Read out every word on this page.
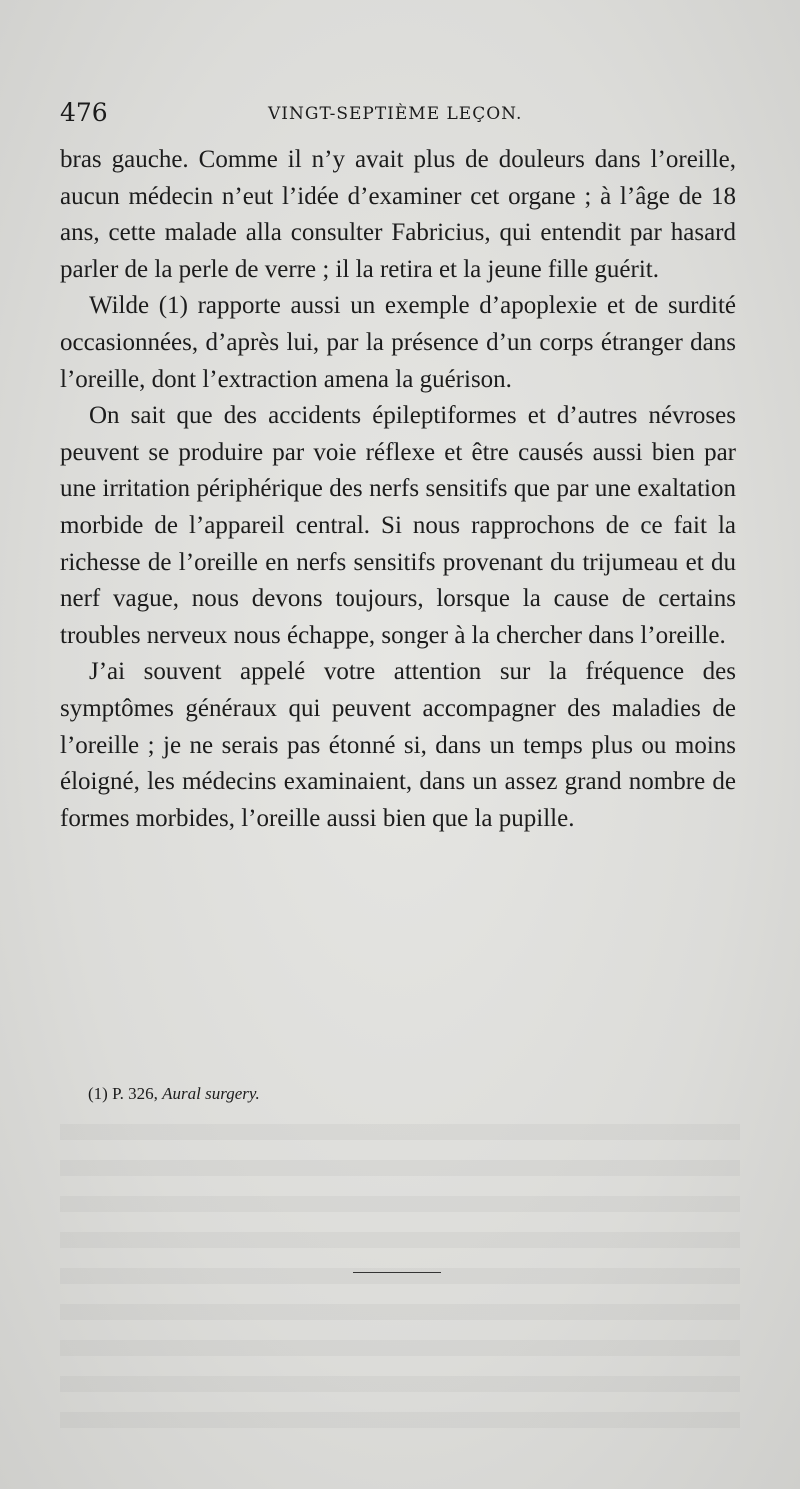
476	VINGT-SEPTIÈME LEÇON.

bras gauche. Comme il n’y avait plus de douleurs dans l’oreille, aucun médecin n’eut l’idée d’examiner cet organe ; à l’âge de 18 ans, cette malade alla consulter Fabricius, qui entendit par hasard parler de la perle de verre ; il la retira et la jeune fille guérit.

Wilde (1) rapporte aussi un exemple d’apoplexie et de surdité occasionnées, d’après lui, par la présence d’un corps étranger dans l’oreille, dont l’extraction amena la guérison.

On sait que des accidents épileptiformes et d’autres névroses peuvent se produire par voie réflexe et être causés aussi bien par une irritation périphérique des nerfs sensitifs que par une exaltation morbide de l’appareil central. Si nous rapprochons de ce fait la richesse de l’oreille en nerfs sensitifs provenant du trijumeau et du nerf vague, nous devons toujours, lorsque la cause de certains troubles nerveux nous échappe, songer à la chercher dans l’oreille.

J’ai souvent appelé votre attention sur la fréquence des symptômes généraux qui peuvent accompagner des maladies de l’oreille ; je ne serais pas étonné si, dans un temps plus ou moins éloigné, les médecins examinaient, dans un assez grand nombre de formes morbides, l’oreille aussi bien que la pupille.

(1) P. 326, Aural surgery.
